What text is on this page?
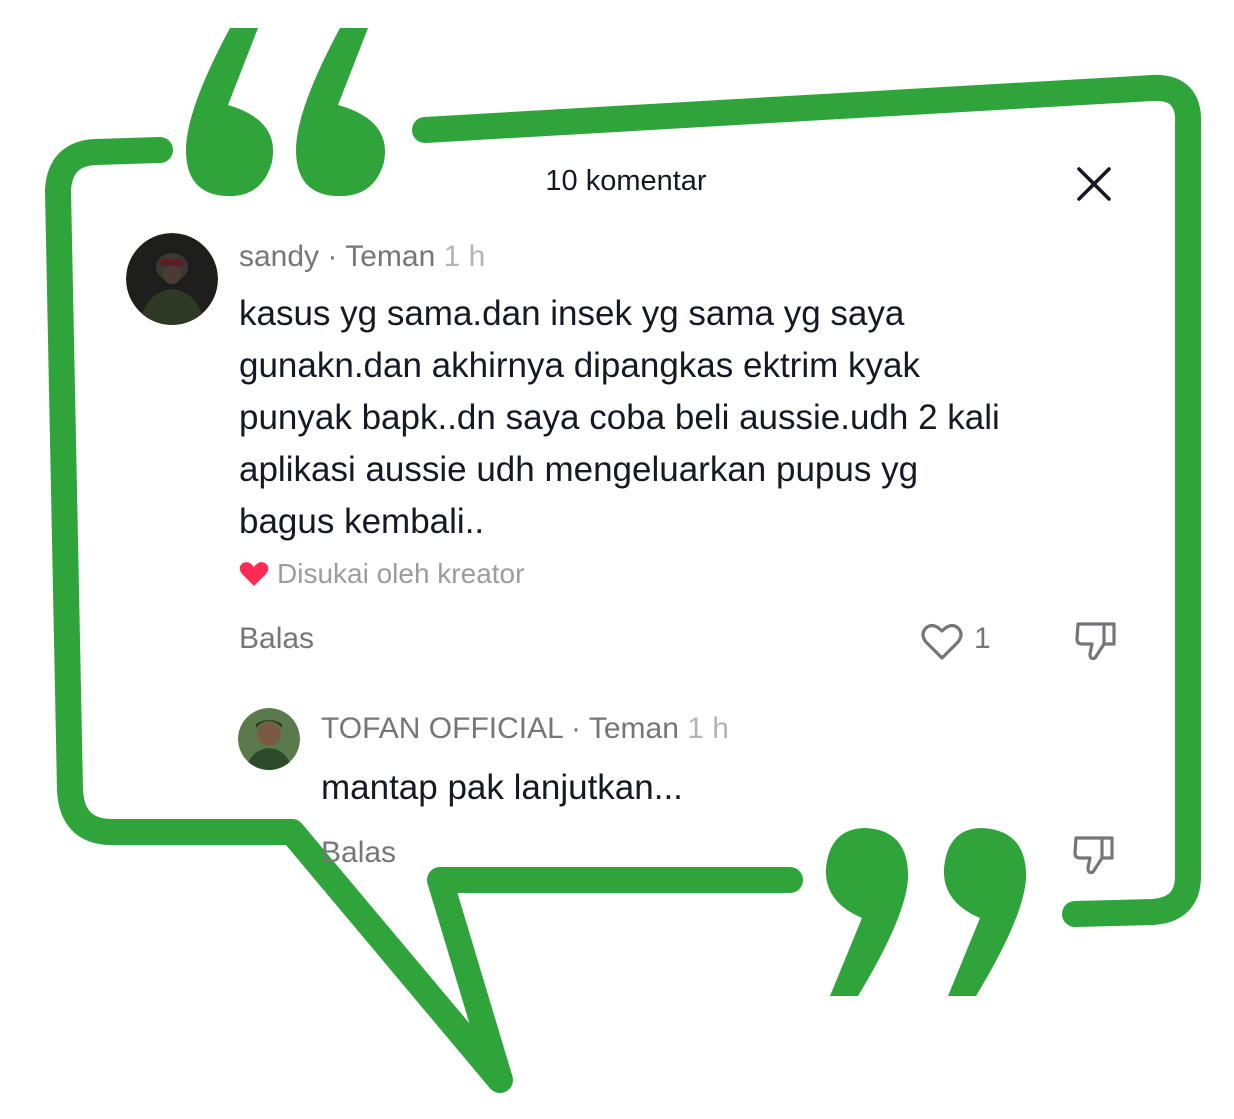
10 komentar
sandy · Teman 1 h
kasus yg sama.dan insek yg sama yg saya
gunakn.dan akhirnya dipangkas ektrim kyak
punyak bapk..dn saya coba beli aussie.udh 2 kali
aplikasi aussie udh mengeluarkan pupus yg
bagus kembali..
Disukai oleh kreator
Balas	1
TOFAN OFFICIAL · Teman 1 h
mantap pak lanjutkan...
Balas
